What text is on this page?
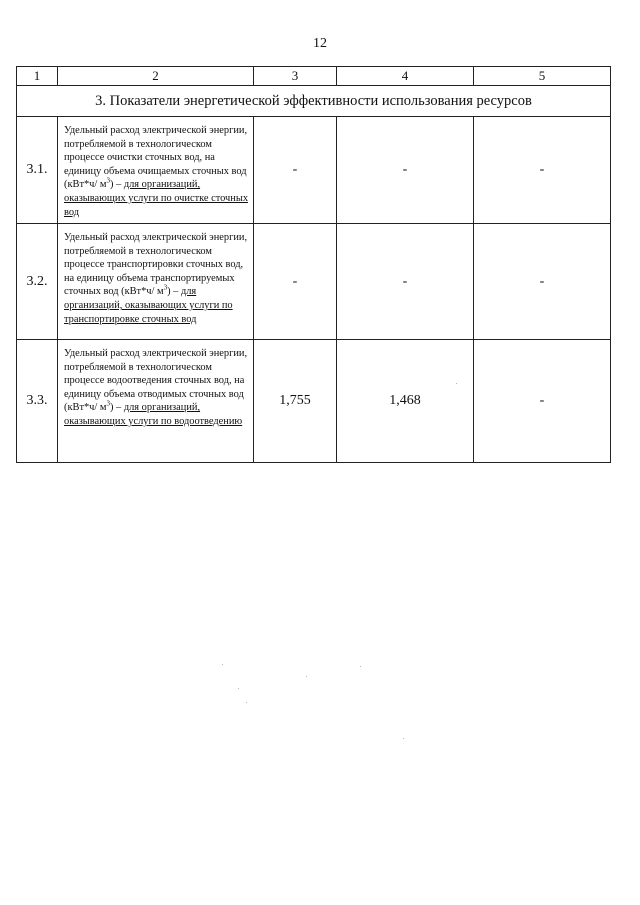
12
1	2	3	4	5
3. Показатели энергетической эффективности использования ресурсов				
3.1.	Удельный расход электрической энергии, потребляемой в технологическом процессе очистки сточных вод, на единицу объема очищаемых сточных вод (кВт*ч/ $м^3$) – для организаций, оказывающих услуги по очистке сточных вод	-	-	-
3.2.	Удельный расход электрической энергии, потребляемой в технологическом процессе транспортировки сточных вод, на единицу объема транспортируемых сточных вод (кВт*ч/ $м^3$) – для организаций, оказывающих услуги по транспортировке сточных вод	-	-	-
3.3.	Удельный расход электрической энергии, потребляемой в технологическом процессе водоотведения сточных вод, на единицу объема отводимых сточных вод (кВт*ч/ $м^3$) – для организаций, оказывающих услуги по водоотведению	1,755	1,468	-
